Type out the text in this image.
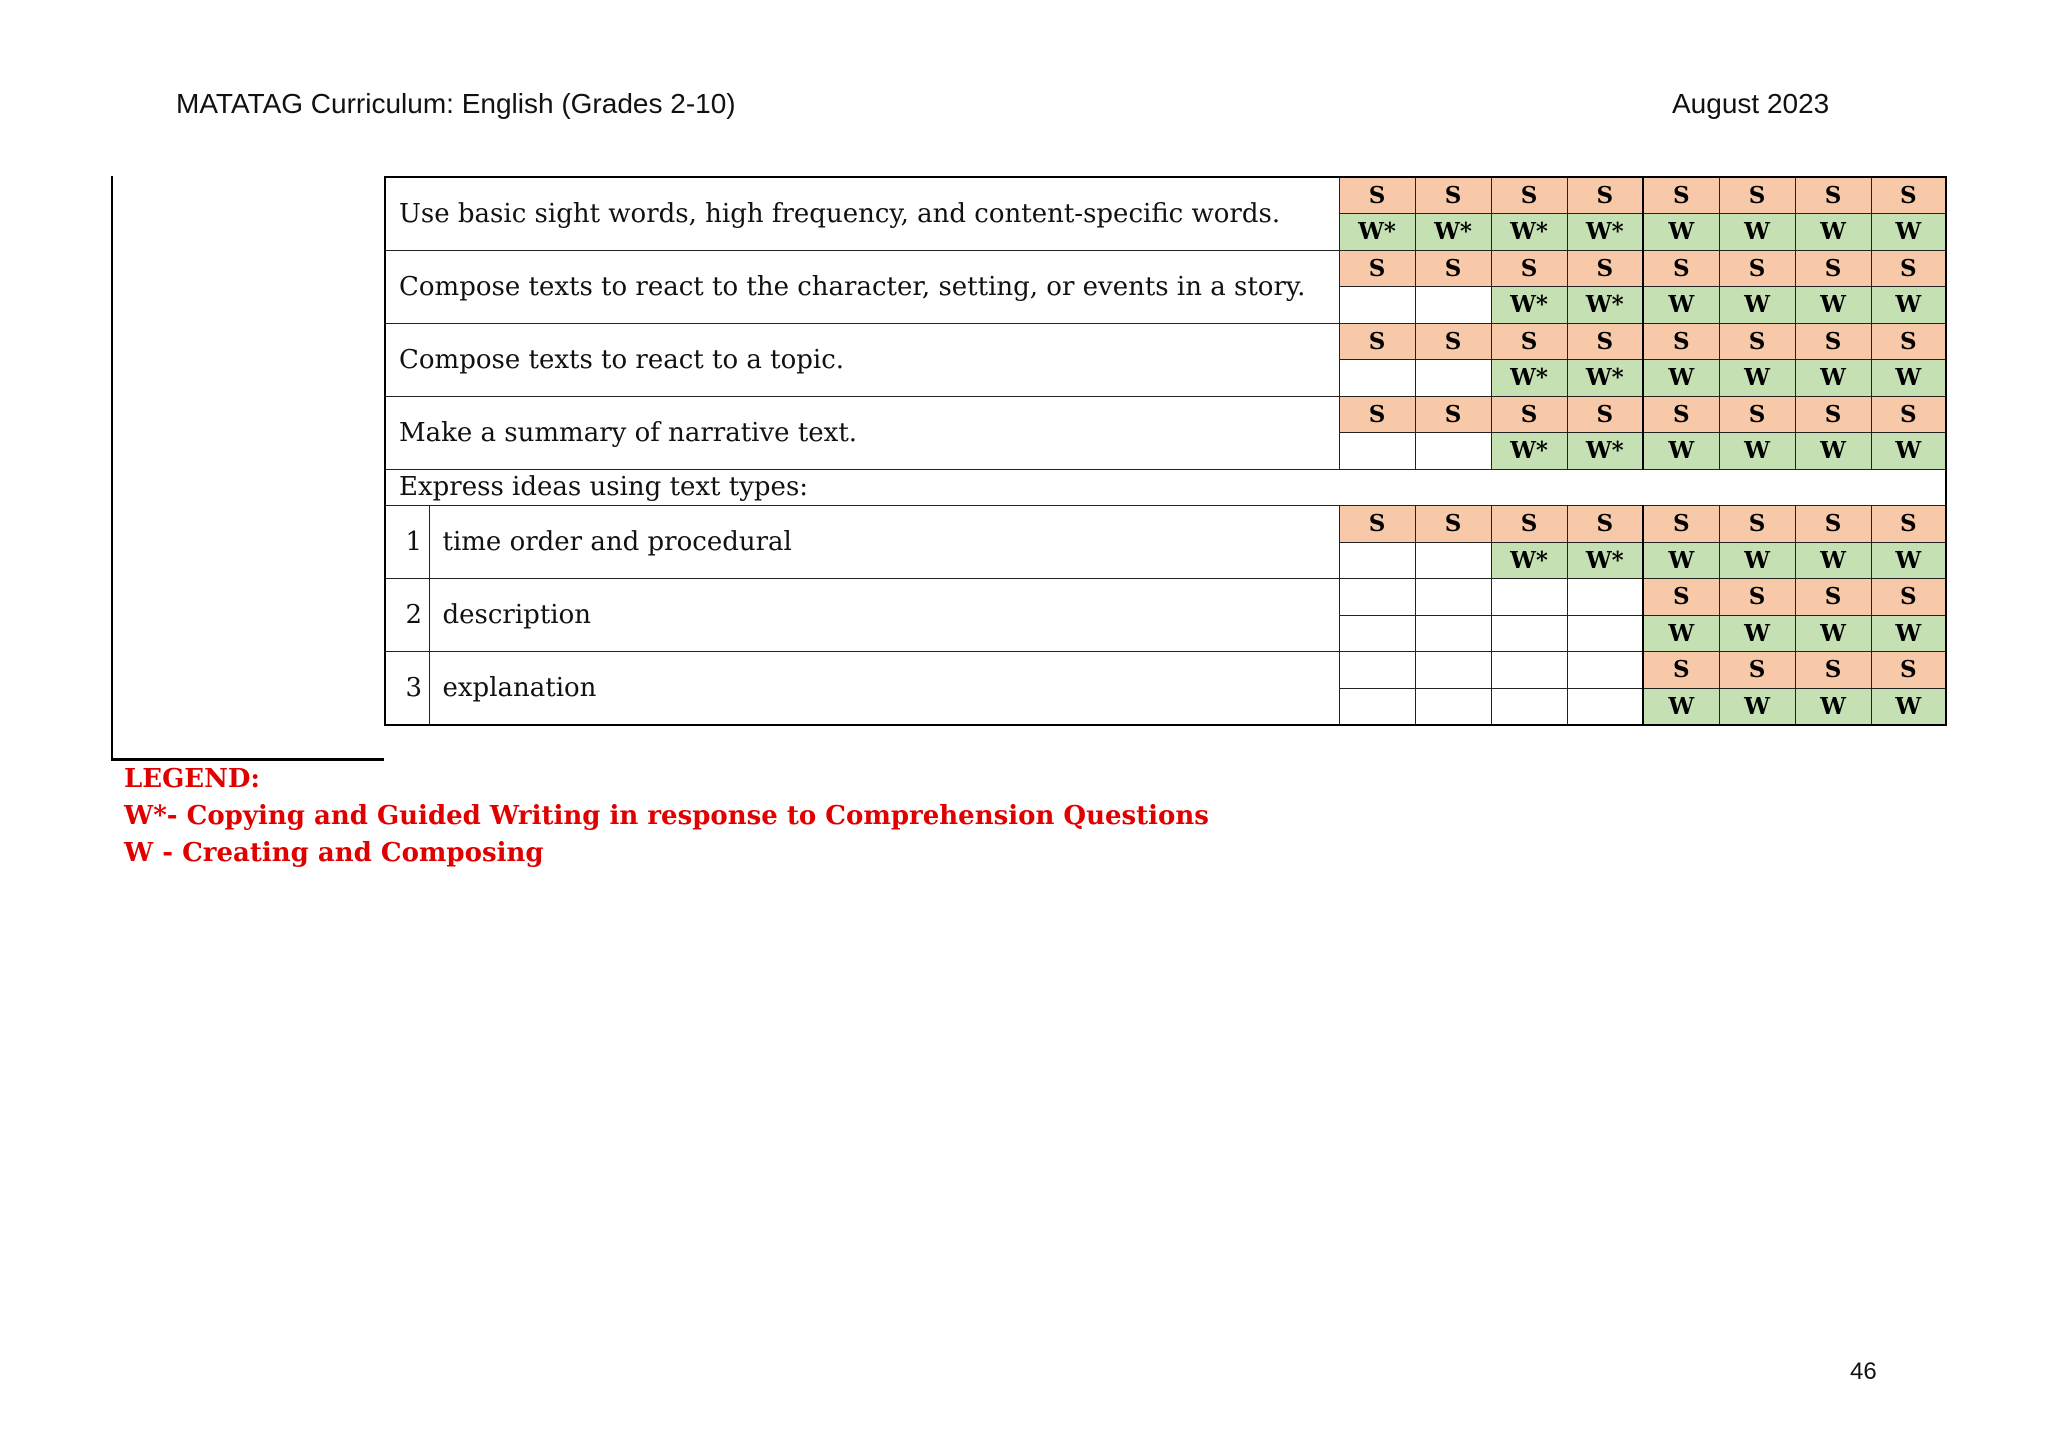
MATATAG Curriculum: English (Grades 2-10)	August 2023
Use basic sight words, high frequency, and content-specific words.		S	S	S	S	S	S	S	S
		W*	W*	W*	W*	W	W	W	W
Compose texts to react to the character, setting, or events in a story.		S	S	S	S	S	S	S	S
				W*	W*	W	W	W	W
Compose texts to react to a topic.		S	S	S	S	S	S	S	S
				W*	W*	W	W	W	W
Make a summary of narrative text.		S	S	S	S	S	S	S	S
				W*	W*	W	W	W	W
Express ideas using text types:									
1	time order and procedural	S	S	S	S	S	S	S	S
				W*	W*	W	W	W	W
2	description					S	S	S	S
						W	W	W	W
3	explanation					S	S	S	S
						W	W	W	W
LEGEND:
W*- Copying and Guided Writing in response to Comprehension Questions
W - Creating and Composing
46
